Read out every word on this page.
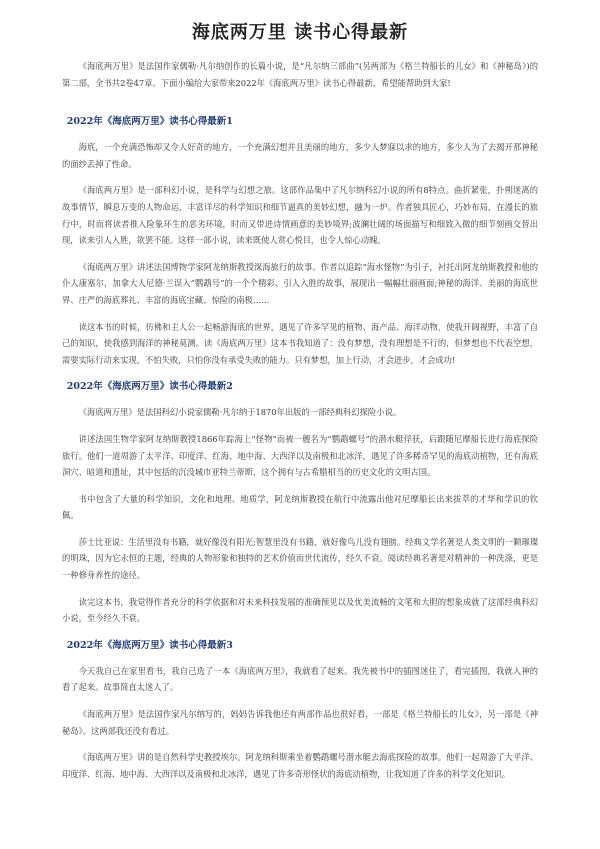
海底两万里 读书心得最新

《海底两万里》是法国作家儒勒·凡尔纳创作的长篇小说，是“凡尔纳三部曲”(另两部为《格兰特船长的儿女》和《神秘岛》)的第二部，全书共2卷47章。下面小编给大家带来2022年《海底两万里》读书心得最新，希望能帮助到大家!

2022年《海底两万里》读书心得最新1

海底，一个充满恐怖却又令人好奇的地方，一个充满幻想并且美丽的地方，多少人梦寐以求的地方，多少人为了去揭开那神秘的面纱丢掉了性命。

《海底两万里》是一部科幻小说，是科学与幻想之旅。这部作品集中了凡尔纳科幻小说的所有8特点。曲折紧张，扑朔迷离的故事情节，瞬息万变的人物命运，丰富详尽的科学知识和细节逼真的美妙幻想，融为一炉。作者独具匠心，巧妙布局，在漫长的旅行中，时而将读者推入险象环生的恶劣环境，时而又带进诗情画意的美妙境界;波澜壮阔的场面描写和细致入微的细节刻画交替出现，读来引人入胜，欲罢不能。这样一部小说，读来既使人赏心悦目，也令人惊心动魄。

《海底两万里》讲述法国博物学家阿龙纳斯教授深海旅行的故事。作者以追踪“海水怪物”为引子，衬托出阿龙纳斯教授和他的仆人康塞尔，加拿大人尼德·兰误入“鹦鹉号”的一个个精彩、引人入胜的故事，展现出一幅幅壮丽画面;神秘的海洋、美丽的海底世界、庄严的海底葬礼、丰富的海底宝藏、惊险的南极……

读这本书的时候，仿佛和主人公一起畅游海底的世界，遇见了许多罕见的植物、海产品、海洋动物，使我开阔视野，丰富了自己的知识，使我感到海洋的神秘莫测。读《海底两万里》这本书我知道了：没有梦想，没有理想是不行的，但梦想也不代表空想，需要实际行动来实现，不怕失败，只怕你没有承受失败的能力。只有梦想，加上行动，才会进步，才会成功!

2022年《海底两万里》读书心得最新2

《海底两万里》是法国科幻小说家儒勒·凡尔纳于1870年出版的一部经典科幻探险小说。

讲述法国生物学家阿龙纳斯教授1866年踪海上“怪物”而被一艘名为“鹦鹉螺号”的潜水艇俘获，后跟随尼摩船长进行海底探险旅行。他们一道周游了太平洋、印度洋、红海、地中海、大西洋以及南极和北冰洋，遇见了许多稀奇罕见的海底动植物，还有海底洞穴、暗道和遗址，其中包括的沉没城市亚特兰蒂斯，这个拥有与古希腊相当的历史文化的文明古国。

书中包含了大量的科学知识，文化和地理、地质学，阿龙纳斯教授在航行中流露出他对尼摩船长出来拔萃的才华和学识的钦佩。

莎士比亚说：生活里没有书籍，就好像没有阳光;智慧里没有书籍，就好像鸟儿没有翅膀。经典文学名著是人类文明的一颗璀璨的明珠，因为它永恒的主题，经典的人物形象和独特的艺术价值而世代流传，经久不衰。阅读经典名著是对精神的一种洗涤，更是一种修身养性的途径。

读完这本书，我觉得作者充分的科学依据和对未来科技发展的准确预见以及优美流畅的文笔和大胆的想象成就了这部经典科幻小说，至今经久不衰。

2022年《海底两万里》读书心得最新3

今天我自己在家里看书，我自己选了一本《海底两万里》，我就看了起来。我先被书中的插图迷住了，看完插图，我就入神的看了起来。故事简直太迷人了。

《海底两万里》是法国作家凡尔纳写的，妈妈告诉我他还有两部作品也很好看，一部是《格兰特船长的儿女》，另一部是《神秘岛》。这两部我还没有看过。

《海底两万里》讲的是自然科学史教授埃尔。阿龙纳科斯乘坐着鹦鹉螺号潜水艇去海底探险的故事。他们一起周游了大平洋、印度洋、红海、地中海、大西洋以及南极和北冰洋，遇见了许多奇形怪状的海底动植物，让我知道了许多的科学文化知识。
